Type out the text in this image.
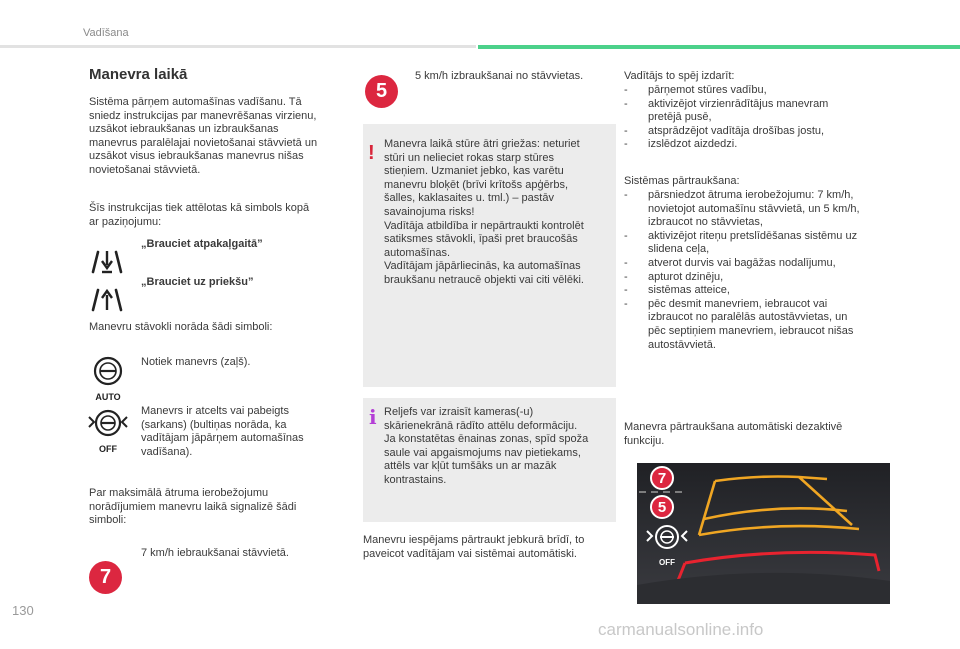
Vadīšana
Manevra laikā

Sistēma pārņem automašīnas vadīšanu. Tā
sniedz instrukcijas par manevrēšanas virzienu,
uzsākot iebraukšanas un izbraukšanas
manevrus paralēlajai novietošanai stāvvietā un
uzsākot visus iebraukšanas manevrus nišas
novietošanai stāvvietā.

Šīs instrukcijas tiek attēlotas kā simbols kopā
ar paziņojumu:

„Brauciet atpakaļgaitā”
„Brauciet uz priekšu”

Manevru stāvokli norāda šādi simboli:

AUTO

Notiek manevrs (zaļš).

OFF

Manevrs ir atcelts vai pabeigts
(sarkans) (bultiņas norāda, ka
vadītājam jāpārņem automašīnas
vadīšana).

Par maksimālā ātruma ierobežojumu
norādījumiem manevru laikā signalizē šādi
simboli:

7

7 km/h iebraukšanai stāvvietā.

5

5 km/h izbraukšanai no stāvvietas.

! Manevra laikā stūre ātri griežas: neturiet
stūri un nelieciet rokas starp stūres
stieņiem. Uzmaniet jebko, kas varētu
manevru bloķēt (brīvi krītošs apģērbs,
šalles, kaklasaites u. tml.) – pastāv
savainojuma risks!
Vadītāja atbildība ir nepārtraukti kontrolēt
satiksmes stāvokli, īpaši pret braucošās
automašīnas.
Vadītājam jāpārliecinās, ka automašīnas
braukšanu netraucē objekti vai citi vēlēki.
i Reljefs var izraisīt kameras(-u)
skārienekrānā rādīto attēlu deformāciju.
Ja konstatētas ēnainas zonas, spīd spoža
saule vai apgaismojums nav pietiekams,
attēls var kļūt tumšāks un ar mazāk
kontrastains.

Manevru iespējams pārtraukt jebkurā brīdī, to
paveicot vadītājam vai sistēmai automātiski.

Vadītājs to spēj izdarīt:

- pārņemot stūres vadību,
- aktivizējot virzienrādītājus manevram
pretējā pusē,
- atsprādzējot vadītāja drošības jostu,
- izslēdzot aizdedzi.

Sistēmas pārtraukšana:

- pārsniedzot ātruma ierobežojumu: 7 km/h,
novietojot automašīnu stāvvietā, un 5 km/h,
izbraucot no stāvvietas,
- aktivizējot riteņu pretslīdēšanas sistēmu uz
slidena ceļa,
- atverot durvis vai bagāžas nodalījumu,
- apturot dzinēju,
- sistēmas atteice,
- pēc desmit manevriem, iebraucot vai
izbraucot no paralēlās autostāvvietas, un
pēc septiņiem manevriem, iebraucot nišas
autostāvvietā.

Manevra pārtraukšana automātiski dezaktivē
funkciju.

7
5
OFF
130
carmanualsonline.info
